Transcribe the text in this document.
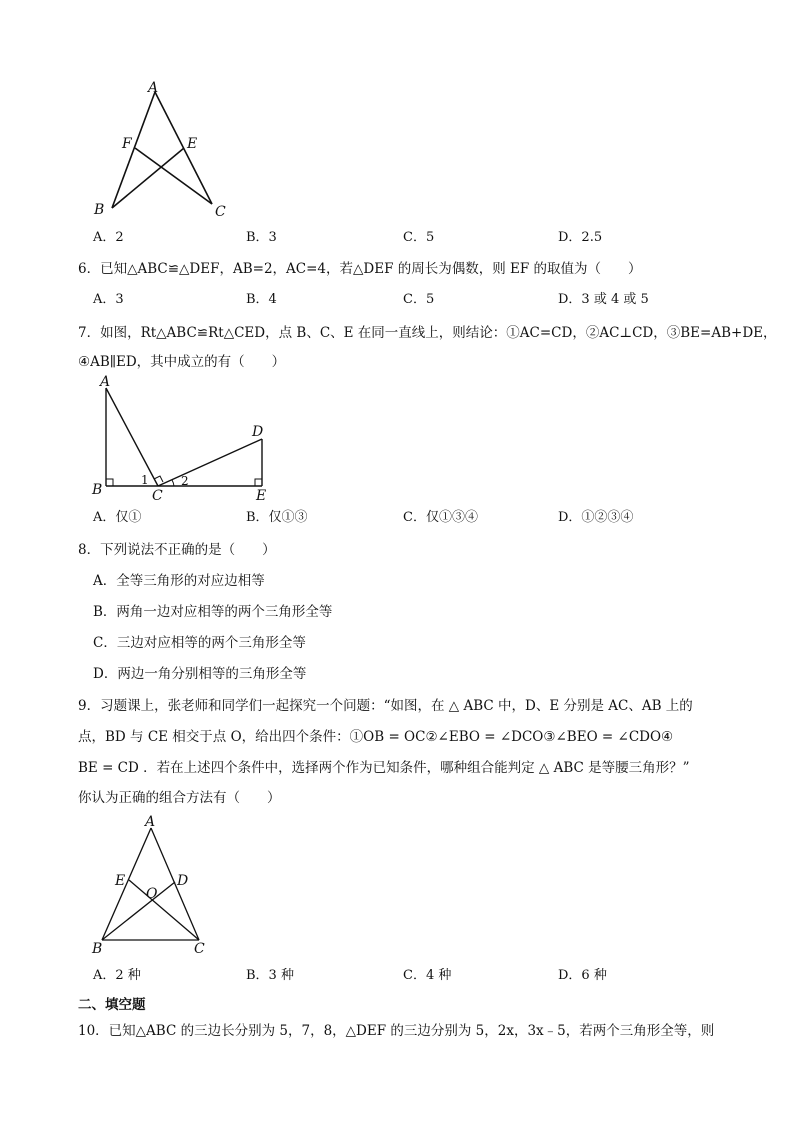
A
B	C
E
F
A．2	B．3	C．5	D．2.5
6．已知△ABC≌△DEF，AB=2，AC=4，若△DEF 的周长为偶数，则 EF 的取值为（　　）
A．3	B．4	C．5	D．3 或 4 或 5
7．如图，Rt△ABC≌Rt△CED，点 B、C、E 在同一直线上，则结论：①AC=CD，②AC⊥CD，③BE=AB+DE，
④AB∥ED，其中成立的有（　　）
A
B	C
D
E
1	2
A．仅①	B．仅①③	C．仅①③④	D．①②③④
8．下列说法不正确的是（　　）
A．全等三角形的对应边相等
B．两角一边对应相等的两个三角形全等
C．三边对应相等的两个三角形全等
D．两边一角分别相等的三角形全等
9．习题课上，张老师和同学们一起探究一个问题：“如图，在 △ ABC 中，D、E 分别是 AC、AB 上的
点，BD 与 CE 相交于点 O，给出四个条件：①OB = OC②∠EBO = ∠DCO③∠BEO = ∠CDO④
BE = CD ．若在上述四个条件中，选择两个作为已知条件，哪种组合能判定 △ ABC 是等腰三角形？”
你认为正确的组合方法有（　　）
A
B	C
D
E
O
A．2 种	B．3 种	C．4 种	D．6 种
二、填空题
10．已知△ABC 的三边长分别为 5，7，8，△DEF 的三边分别为 5，2x，3x﹣5，若两个三角形全等，则
